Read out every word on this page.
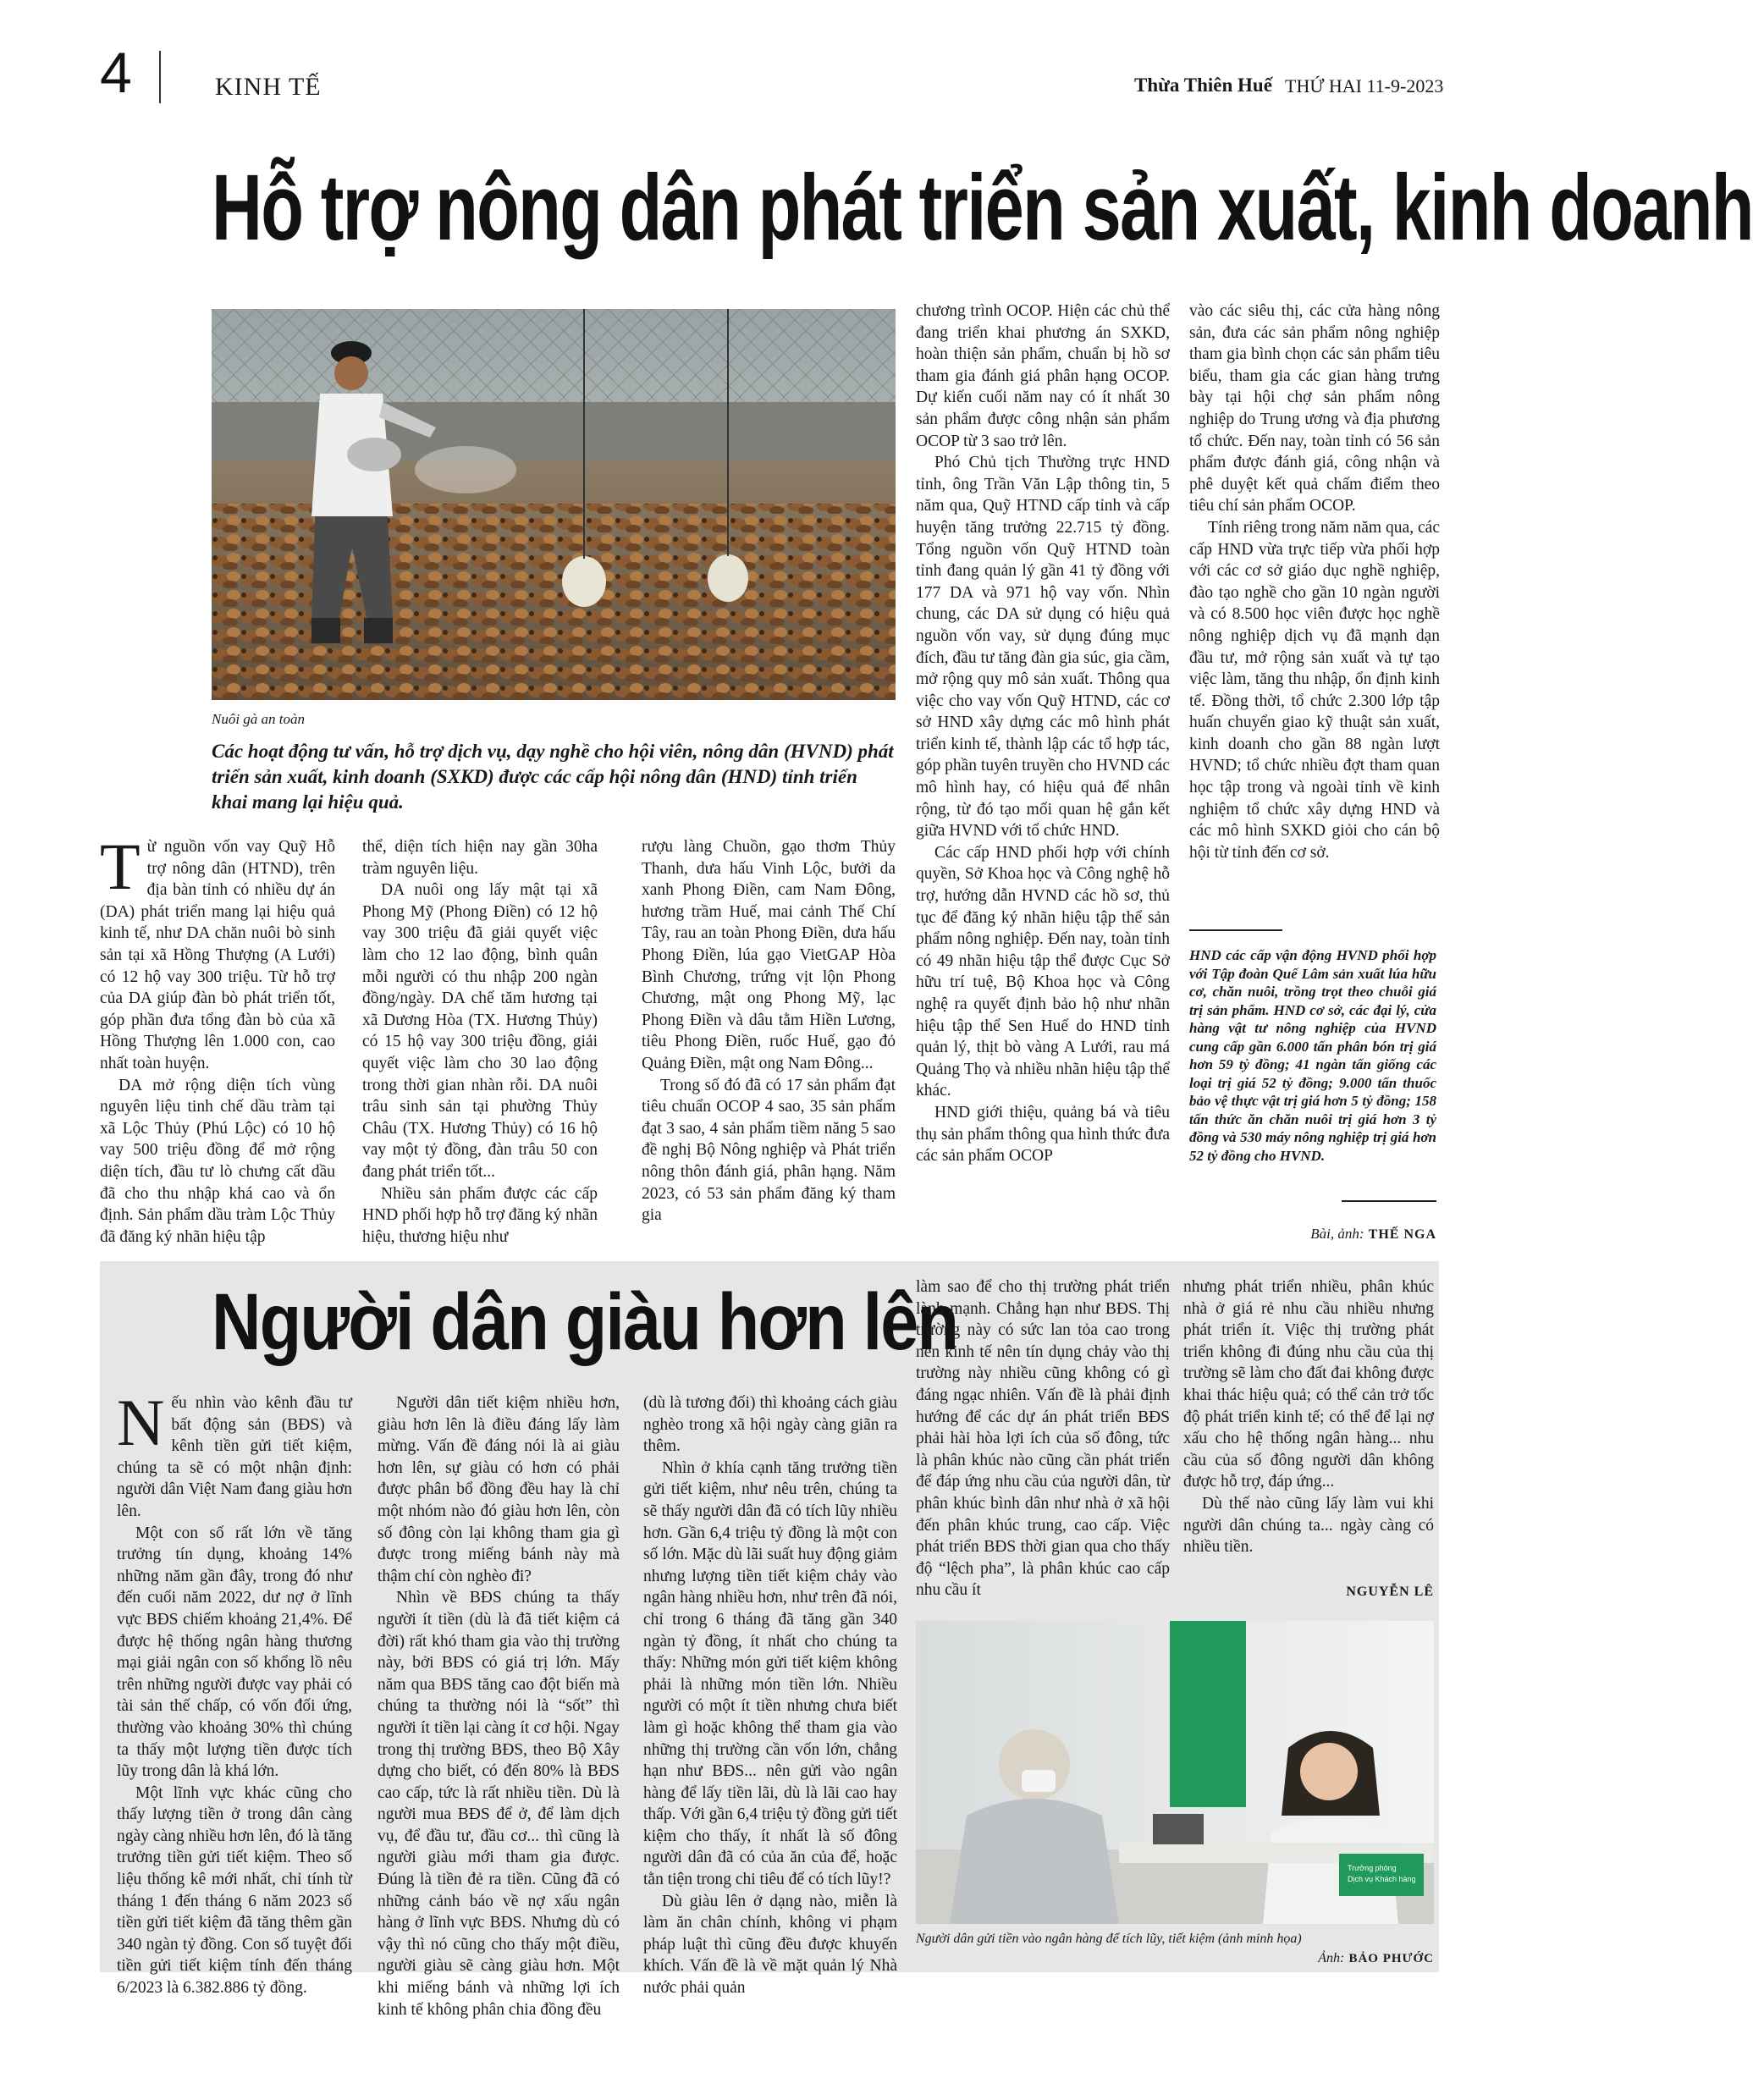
4	KINH TẾ	Thừa Thiên Huế THỨ HAI 11-9-2023
Hỗ trợ nông dân phát triển sản xuất, kinh doanh
Nuôi gà an toàn
Các hoạt động tư vấn, hỗ trợ dịch vụ, dạy nghề cho hội viên, nông dân (HVND) phát triển sản xuất, kinh doanh (SXKD) được các cấp hội nông dân (HND) tỉnh triển khai mang lại hiệu quả.

Từ nguồn vốn vay Quỹ Hỗ trợ nông dân (HTND), trên địa bàn tỉnh có nhiều dự án (DA) phát triển mang lại hiệu quả kinh tế, như DA chăn nuôi bò sinh sản tại xã Hồng Thượng (A Lưới) có 12 hộ vay 300 triệu. Từ hỗ trợ của DA giúp đàn bò phát triển tốt, góp phần đưa tổng đàn bò của xã Hồng Thượng lên 1.000 con, cao nhất toàn huyện.

DA mở rộng diện tích vùng nguyên liệu tinh chế dầu tràm tại xã Lộc Thủy (Phú Lộc) có 10 hộ vay 500 triệu đồng để mở rộng diện tích, đầu tư lò chưng cất dầu đã cho thu nhập khá cao và ổn định. Sản phẩm dầu tràm Lộc Thủy đã đăng ký nhãn hiệu tập

thể, diện tích hiện nay gần 30ha tràm nguyên liệu.

DA nuôi ong lấy mật tại xã Phong Mỹ (Phong Điền) có 12 hộ vay 300 triệu đã giải quyết việc làm cho 12 lao động, bình quân mỗi người có thu nhập 200 ngàn đồng/ngày. DA chế tăm hương tại xã Dương Hòa (TX. Hương Thủy) có 15 hộ vay 300 triệu đồng, giải quyết việc làm cho 30 lao động trong thời gian nhàn rỗi. DA nuôi trâu sinh sản tại phường Thủy Châu (TX. Hương Thủy) có 16 hộ vay một tỷ đồng, đàn trâu 50 con đang phát triển tốt...

Nhiều sản phẩm được các cấp HND phối hợp hỗ trợ đăng ký nhãn hiệu, thương hiệu như

rượu làng Chuồn, gạo thơm Thủy Thanh, dưa hấu Vinh Lộc, bưởi da xanh Phong Điền, cam Nam Đông, hương trầm Huế, mai cảnh Thế Chí Tây, rau an toàn Phong Điền, dưa hấu Phong Điền, lúa gạo VietGAP Hòa Bình Chương, trứng vịt lộn Phong Chương, mật ong Phong Mỹ, lạc Phong Điền và dâu tằm Hiền Lương, tiêu Phong Điền, ruốc Huế, gạo đỏ Quảng Điền, mật ong Nam Đông...

Trong số đó đã có 17 sản phẩm đạt tiêu chuẩn OCOP 4 sao, 35 sản phẩm đạt 3 sao, 4 sản phẩm tiềm năng 5 sao đề nghị Bộ Nông nghiệp và Phát triển nông thôn đánh giá, phân hạng. Năm 2023, có 53 sản phẩm đăng ký tham gia

chương trình OCOP. Hiện các chủ thể đang triển khai phương án SXKD, hoàn thiện sản phẩm, chuẩn bị hồ sơ tham gia đánh giá phân hạng OCOP. Dự kiến cuối năm nay có ít nhất 30 sản phẩm được công nhận sản phẩm OCOP từ 3 sao trở lên.

Phó Chủ tịch Thường trực HND tỉnh, ông Trần Văn Lập thông tin, 5 năm qua, Quỹ HTND cấp tỉnh và cấp huyện tăng trưởng 22.715 tỷ đồng. Tổng nguồn vốn Quỹ HTND toàn tỉnh đang quản lý gần 41 tỷ đồng với 177 DA và 971 hộ vay vốn. Nhìn chung, các DA sử dụng có hiệu quả nguồn vốn vay, sử dụng đúng mục đích, đầu tư tăng đàn gia súc, gia cầm, mở rộng quy mô sản xuất. Thông qua việc cho vay vốn Quỹ HTND, các cơ sở HND xây dựng các mô hình phát triển kinh tế, thành lập các tổ hợp tác, góp phần tuyên truyền cho HVND các mô hình hay, có hiệu quả để nhân rộng, từ đó tạo mối quan hệ gắn kết giữa HVND với tổ chức HND.

Các cấp HND phối hợp với chính quyền, Sở Khoa học và Công nghệ hỗ trợ, hướng dẫn HVND các hồ sơ, thủ tục để đăng ký nhãn hiệu tập thể sản phẩm nông nghiệp. Đến nay, toàn tỉnh có 49 nhãn hiệu tập thể được Cục Sở hữu trí tuệ, Bộ Khoa học và Công nghệ ra quyết định bảo hộ như nhãn hiệu tập thể Sen Huế do HND tỉnh quản lý, thịt bò vàng A Lưới, rau má Quảng Thọ và nhiều nhãn hiệu tập thể khác.

HND giới thiệu, quảng bá và tiêu thụ sản phẩm thông qua hình thức đưa các sản phẩm OCOP

vào các siêu thị, các cửa hàng nông sản, đưa các sản phẩm nông nghiệp tham gia bình chọn các sản phẩm tiêu biểu, tham gia các gian hàng trưng bày tại hội chợ sản phẩm nông nghiệp do Trung ương và địa phương tổ chức. Đến nay, toàn tỉnh có 56 sản phẩm được đánh giá, công nhận và phê duyệt kết quả chấm điểm theo tiêu chí sản phẩm OCOP.

Tính riêng trong năm năm qua, các cấp HND vừa trực tiếp vừa phối hợp với các cơ sở giáo dục nghề nghiệp, đào tạo nghề cho gần 10 ngàn người và có 8.500 học viên được học nghề nông nghiệp dịch vụ đã mạnh dạn đầu tư, mở rộng sản xuất và tự tạo việc làm, tăng thu nhập, ổn định kinh tế. Đồng thời, tổ chức 2.300 lớp tập huấn chuyển giao kỹ thuật sản xuất, kinh doanh cho gần 88 ngàn lượt HVND; tổ chức nhiều đợt tham quan học tập trong và ngoài tỉnh về kinh nghiệm tổ chức xây dựng HND và các mô hình SXKD giỏi cho cán bộ hội từ tỉnh đến cơ sở.

HND các cấp vận động HVND phối hợp với Tập đoàn Quế Lâm sản xuất lúa hữu cơ, chăn nuôi, trồng trọt theo chuỗi giá trị sản phẩm. HND cơ sở, các đại lý, cửa hàng vật tư nông nghiệp của HVND cung cấp gần 6.000 tấn phân bón trị giá hơn 59 tỷ đồng; 41 ngàn tấn giống các loại trị giá 52 tỷ đồng; 9.000 tấn thuốc bảo vệ thực vật trị giá hơn 5 tỷ đồng; 158 tấn thức ăn chăn nuôi trị giá hơn 3 tỷ đồng và 530 máy nông nghiệp trị giá hơn 52 tỷ đồng cho HVND.
Bài, ảnh: THẾ NGA
Người dân giàu hơn lên

Nếu nhìn vào kênh đầu tư bất động sản (BĐS) và kênh tiền gửi tiết kiệm, chúng ta sẽ có một nhận định: người dân Việt Nam đang giàu hơn lên.

Một con số rất lớn về tăng trưởng tín dụng, khoảng 14% những năm gần đây, trong đó như đến cuối năm 2022, dư nợ ở lĩnh vực BĐS chiếm khoảng 21,4%. Để được hệ thống ngân hàng thương mại giải ngân con số khổng lồ nêu trên những người được vay phải có tài sản thế chấp, có vốn đối ứng, thường vào khoảng 30% thì chúng ta thấy một lượng tiền được tích lũy trong dân là khá lớn.

Một lĩnh vực khác cũng cho thấy lượng tiền ở trong dân càng ngày càng nhiều hơn lên, đó là tăng trưởng tiền gửi tiết kiệm. Theo số liệu thống kê mới nhất, chỉ tính từ tháng 1 đến tháng 6 năm 2023 số tiền gửi tiết kiệm đã tăng thêm gần 340 ngàn tỷ đồng. Con số tuyệt đối tiền gửi tiết kiệm tính đến tháng 6/2023 là 6.382.886 tỷ đồng.

Người dân tiết kiệm nhiều hơn, giàu hơn lên là điều đáng lấy làm mừng. Vấn đề đáng nói là ai giàu hơn lên, sự giàu có hơn có phải được phân bổ đồng đều hay là chỉ một nhóm nào đó giàu hơn lên, còn số đông còn lại không tham gia gì được trong miếng bánh này mà thậm chí còn nghèo đi?

Nhìn về BĐS chúng ta thấy người ít tiền (dù là đã tiết kiệm cả đời) rất khó tham gia vào thị trường này, bởi BĐS có giá trị lớn. Mấy năm qua BĐS tăng cao đột biến mà chúng ta thường nói là “sốt” thì người ít tiền lại càng ít cơ hội. Ngay trong thị trường BĐS, theo Bộ Xây dựng cho biết, có đến 80% là BĐS cao cấp, tức là rất nhiều tiền. Dù là người mua BĐS để ở, để làm dịch vụ, để đầu tư, đầu cơ... thì cũng là người giàu mới tham gia được. Đúng là tiền đẻ ra tiền. Cũng đã có những cảnh báo về nợ xấu ngân hàng ở lĩnh vực BĐS. Nhưng dù có vậy thì nó cũng cho thấy một điều, người giàu sẽ càng giàu hơn. Một khi miếng bánh và những lợi ích kinh tế không phân chia đồng đều

(dù là tương đối) thì khoảng cách giàu nghèo trong xã hội ngày càng giãn ra thêm.

Nhìn ở khía cạnh tăng trưởng tiền gửi tiết kiệm, như nêu trên, chúng ta sẽ thấy người dân đã có tích lũy nhiều hơn. Gần 6,4 triệu tỷ đồng là một con số lớn. Mặc dù lãi suất huy động giảm nhưng lượng tiền tiết kiệm chảy vào ngân hàng nhiều hơn, như trên đã nói, chỉ trong 6 tháng đã tăng gần 340 ngàn tỷ đồng, ít nhất cho chúng ta thấy: Những món gửi tiết kiệm không phải là những món tiền lớn. Nhiều người có một ít tiền nhưng chưa biết làm gì hoặc không thể tham gia vào những thị trường cần vốn lớn, chẳng hạn như BĐS... nên gửi vào ngân hàng để lấy tiền lãi, dù là lãi cao hay thấp. Với gần 6,4 triệu tỷ đồng gửi tiết kiệm cho thấy, ít nhất là số đông người dân đã có của ăn của để, hoặc tằn tiện trong chi tiêu để có tích lũy!?

Dù giàu lên ở dạng nào, miễn là làm ăn chân chính, không vi phạm pháp luật thì cũng đều được khuyến khích. Vấn đề là về mặt quản lý Nhà nước phải quản

làm sao để cho thị trường phát triển lành mạnh. Chẳng hạn như BĐS. Thị trường này có sức lan tỏa cao trong nền kinh tế nên tín dụng chảy vào thị trường này nhiều cũng không có gì đáng ngạc nhiên. Vấn đề là phải định hướng để các dự án phát triển BĐS phải hài hòa lợi ích của số đông, tức là phân khúc nào cũng cần phát triển để đáp ứng nhu cầu của người dân, từ phân khúc bình dân như nhà ở xã hội đến phân khúc trung, cao cấp. Việc phát triển BĐS thời gian qua cho thấy độ “lệch pha”, là phân khúc cao cấp nhu cầu ít

nhưng phát triển nhiều, phân khúc nhà ở giá rẻ nhu cầu nhiều nhưng phát triển ít. Việc thị trường phát triển không đi đúng nhu cầu của thị trường sẽ làm cho đất đai không được khai thác hiệu quả; có thể cản trở tốc độ phát triển kinh tế; có thể để lại nợ xấu cho hệ thống ngân hàng... nhu cầu của số đông người dân không được hỗ trợ, đáp ứng...

Dù thế nào cũng lấy làm vui khi người dân chúng ta... ngày càng có nhiều tiền.

NGUYỄN LÊ
Trưởng phòng
Dịch vụ Khách hàng
Người dân gửi tiền vào ngân hàng để tích lũy, tiết kiệm (ảnh minh họa)
Ảnh: BẢO PHƯỚC
